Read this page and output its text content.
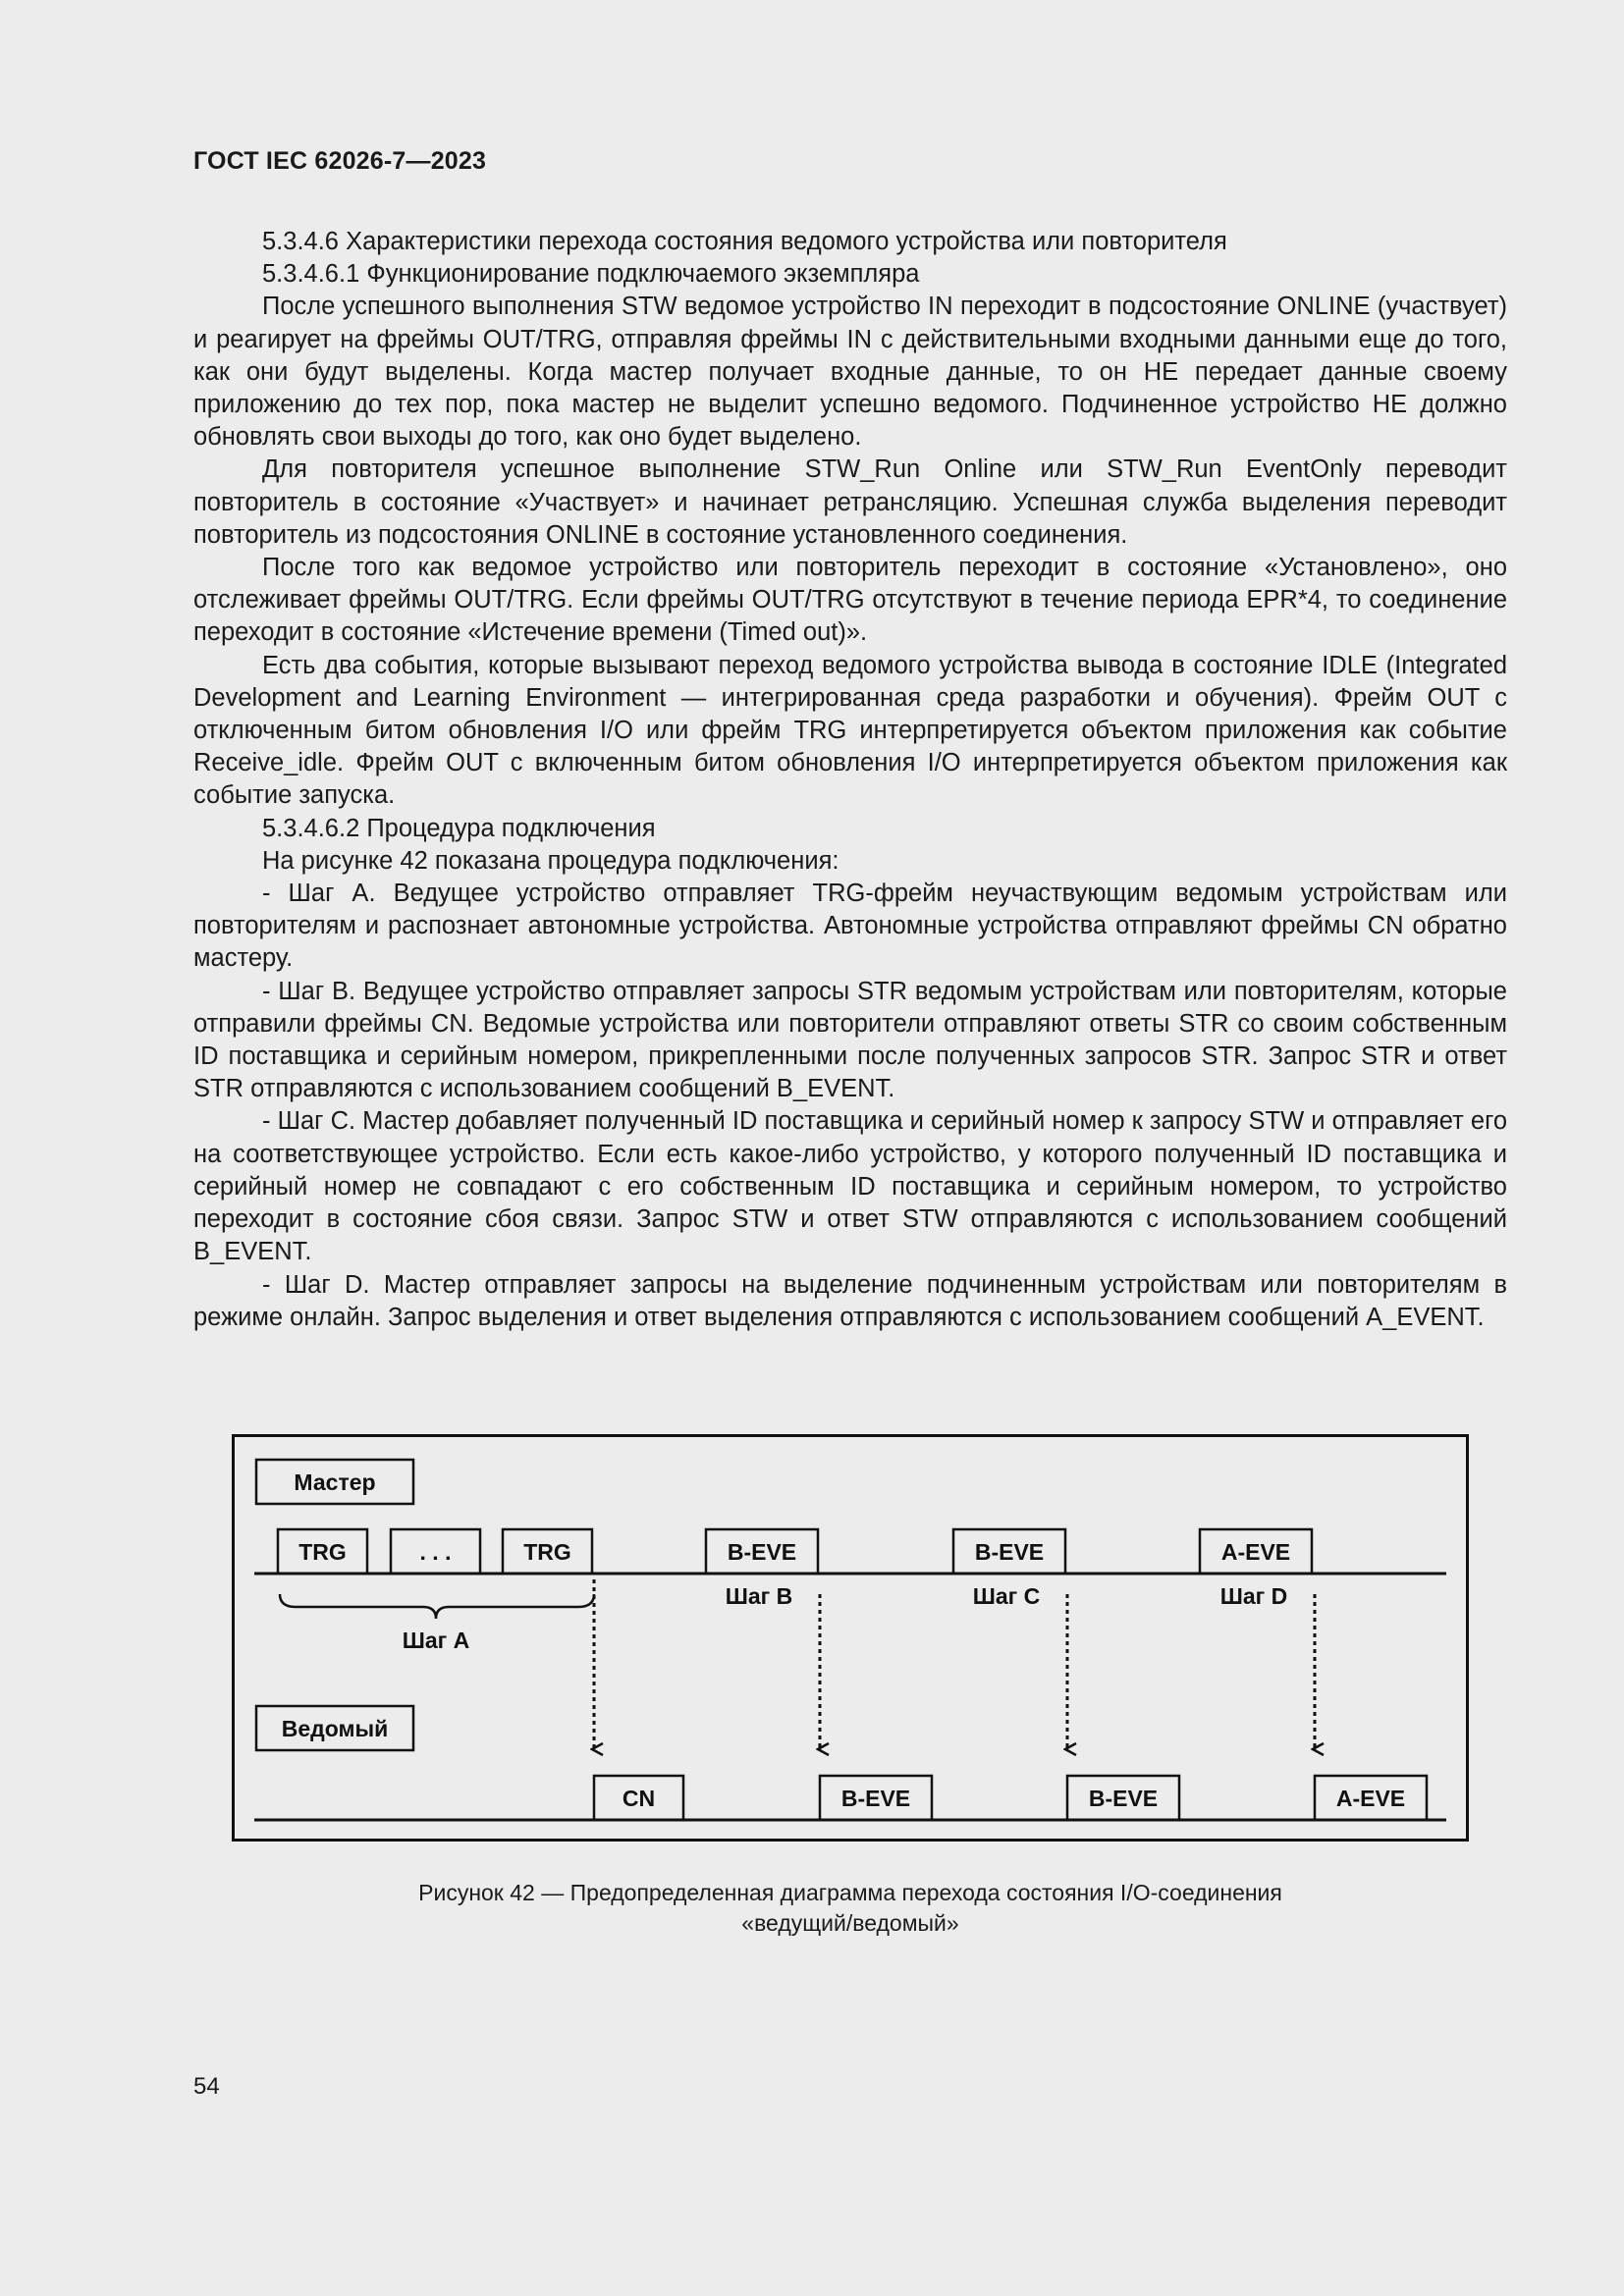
ГОСТ IEC 62026-7—2023

5.3.4.6 Характеристики перехода состояния ведомого устройства или повторителя

5.3.4.6.1 Функционирование подключаемого экземпляра

После успешного выполнения STW ведомое устройство IN переходит в подсостояние ONLINE (участвует) и реагирует на фреймы OUT/TRG, отправляя фреймы IN с действительными входными данными еще до того, как они будут выделены. Когда мастер получает входные данные, то он НЕ передает данные своему приложению до тех пор, пока мастер не выделит успешно ведомого. Подчиненное устройство НЕ должно обновлять свои выходы до того, как оно будет выделено.

Для повторителя успешное выполнение STW_Run Online или STW_Run EventOnly переводит повторитель в состояние «Участвует» и начинает ретрансляцию. Успешная служба выделения переводит повторитель из подсостояния ONLINE в состояние установленного соединения.

После того как ведомое устройство или повторитель переходит в состояние «Установлено», оно отслеживает фреймы OUT/TRG. Если фреймы OUT/TRG отсутствуют в течение периода EPR*4, то соединение переходит в состояние «Истечение времени (Timed out)».

Есть два события, которые вызывают переход ведомого устройства вывода в состояние IDLE (Integrated Development and Learning Environment — интегрированная среда разработки и обучения). Фрейм OUT с отключенным битом обновления I/O или фрейм TRG интерпретируется объектом приложения как событие Receive_idle. Фрейм OUT с включенным битом обновления I/O интерпретируется объектом приложения как событие запуска.

5.3.4.6.2 Процедура подключения

На рисунке 42 показана процедура подключения:

- Шаг А. Ведущее устройство отправляет TRG-фрейм неучаствующим ведомым устройствам или повторителям и распознает автономные устройства. Автономные устройства отправляют фреймы CN обратно мастеру.

- Шаг В. Ведущее устройство отправляет запросы STR ведомым устройствам или повторителям, которые отправили фреймы CN. Ведомые устройства или повторители отправляют ответы STR со своим собственным ID поставщика и серийным номером, прикрепленными после полученных запросов STR. Запрос STR и ответ STR отправляются с использованием сообщений B_EVENT.

- Шаг С. Мастер добавляет полученный ID поставщика и серийный номер к запросу STW и отправляет его на соответствующее устройство. Если есть какое-либо устройство, у которого полученный ID поставщика и серийный номер не совпадают с его собственным ID поставщика и серийным номером, то устройство переходит в состояние сбоя связи. Запрос STW и ответ STW отправляются с использованием сообщений B_EVENT.

- Шаг D. Мастер отправляет запросы на выделение подчиненным устройствам или повторителям в режиме онлайн. Запрос выделения и ответ выделения отправляются с использованием сообщений A_EVENT.

Мастер
TRG	. . .	TRG	B-EVE	B-EVE	A-EVE
Шаг А
Шаг В	Шаг С	Шаг D
Ведомый
CN	B-EVE	B-EVE	A-EVE
Рисунок 42 — Предопределенная диаграмма перехода состояния I/O-соединения
«ведущий/ведомый»
54
